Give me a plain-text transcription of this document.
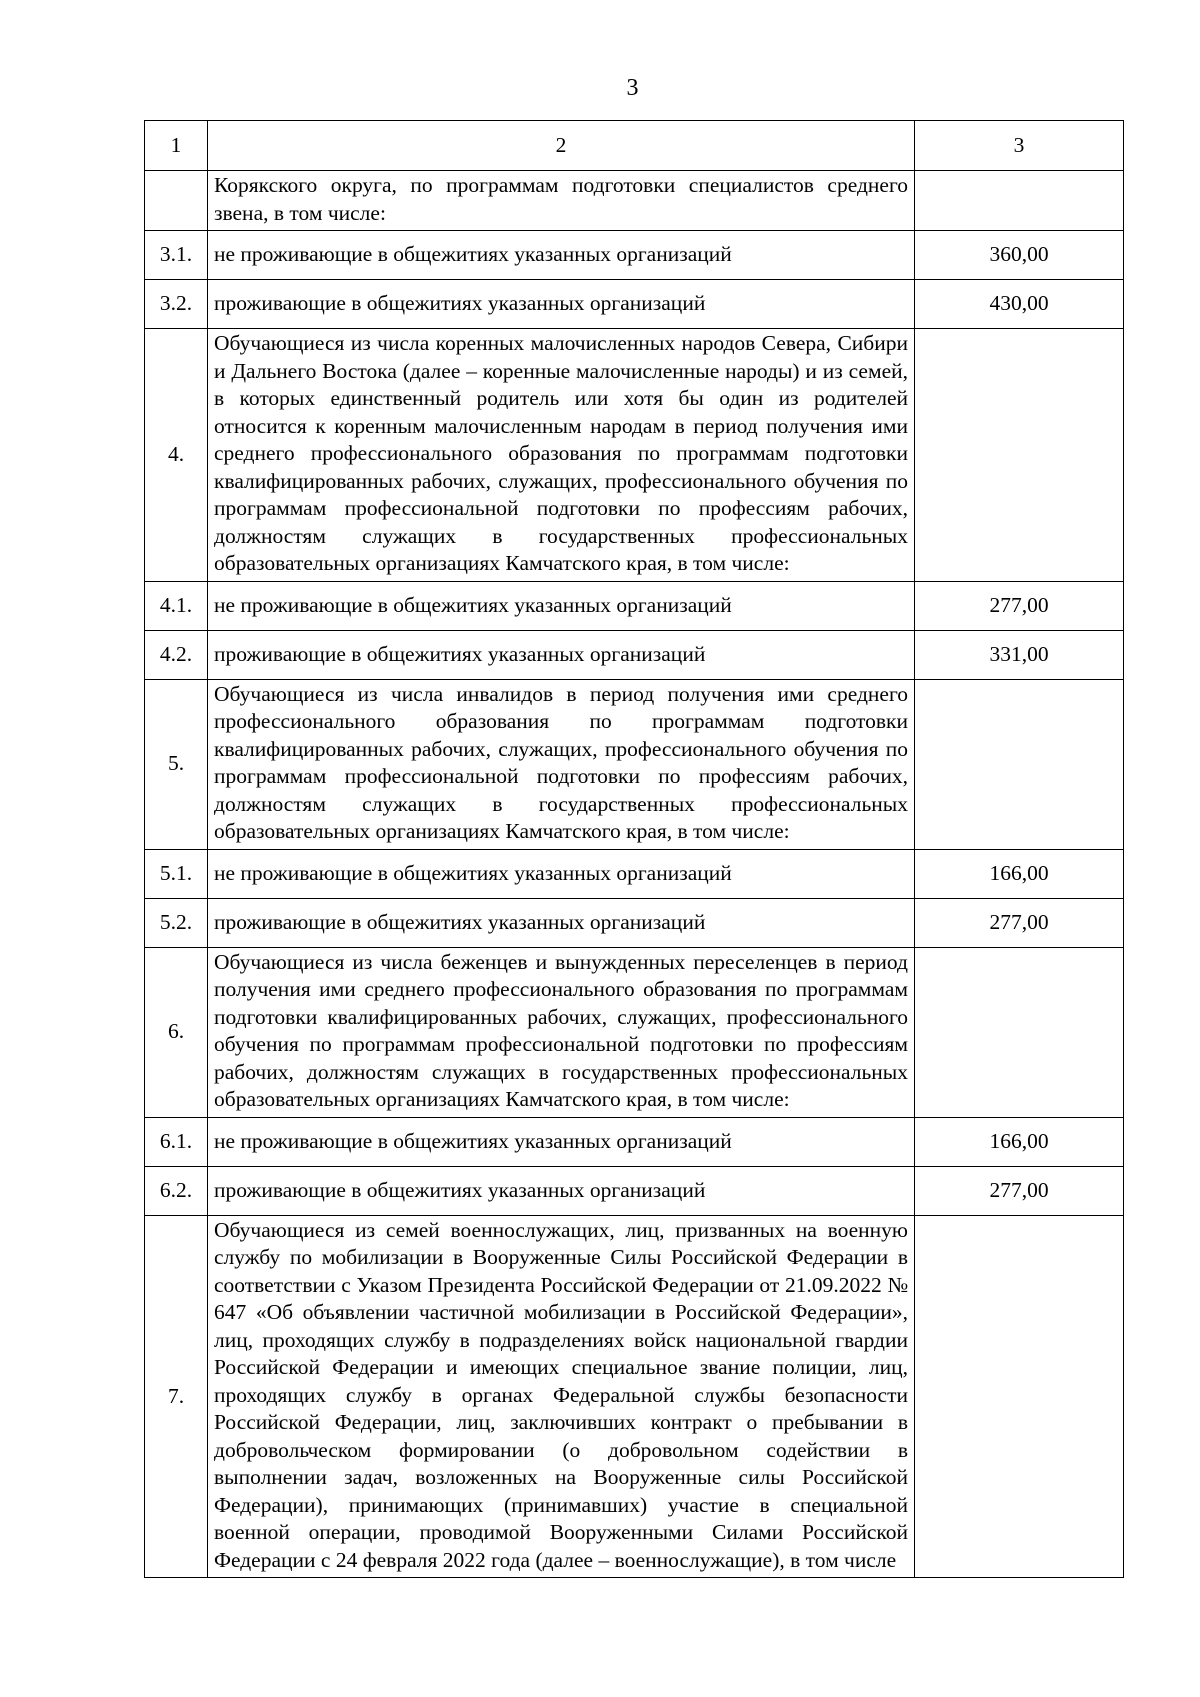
3
1	2	3
	Корякского округа, по программам подготовки специалистов среднего звена, в том числе:	
3.1.	не проживающие в общежитиях указанных организаций	360,00
3.2.	проживающие в общежитиях указанных организаций	430,00
4.	Обучающиеся из числа коренных малочисленных народов Севера, Сибири и Дальнего Востока (далее – коренные малочисленные народы) и из семей, в которых единственный родитель или хотя бы один из родителей относится к коренным малочисленным народам в период получения ими среднего профессионального образования по программам подготовки квалифицированных рабочих, служащих, профессионального обучения по программам профессиональной подготовки по профессиям рабочих, должностям служащих в государственных профессиональных образовательных организациях Камчатского края, в том числе:	
4.1.	не проживающие в общежитиях указанных организаций	277,00
4.2.	проживающие в общежитиях указанных организаций	331,00
5.	Обучающиеся из числа инвалидов в период получения ими среднего профессионального образования по программам подготовки квалифицированных рабочих, служащих, профессионального обучения по программам профессиональной подготовки по профессиям рабочих, должностям служащих в государственных профессиональных образовательных организациях Камчатского края, в том числе:	
5.1.	не проживающие в общежитиях указанных организаций	166,00
5.2.	проживающие в общежитиях указанных организаций	277,00
6.	Обучающиеся из числа беженцев и вынужденных переселенцев в период получения ими среднего профессионального образования по программам подготовки квалифицированных рабочих, служащих, профессионального обучения по программам профессиональной подготовки по профессиям рабочих, должностям служащих в государственных профессиональных образовательных организациях Камчатского края, в том числе:	
6.1.	не проживающие в общежитиях указанных организаций	166,00
6.2.	проживающие в общежитиях указанных организаций	277,00
7.	Обучающиеся из семей военнослужащих, лиц, призванных на военную службу по мобилизации в Вооруженные Силы Российской Федерации в соответствии с Указом Президента Российской Федерации от 21.09.2022 № 647 «Об объявлении частичной мобилизации в Российской Федерации», лиц, проходящих службу в подразделениях войск национальной гвардии Российской Федерации и имеющих специальное звание полиции, лиц, проходящих службу в органах Федеральной службы безопасности Российской Федерации, лиц, заключивших контракт о пребывании в добровольческом формировании (о добровольном содействии в выполнении задач, возложенных на Вооруженные силы Российской Федерации), принимающих (принимавших) участие в специальной военной операции, проводимой Вооруженными Силами Российской Федерации с 24 февраля 2022 года (далее – военнослужащие), в том числе	
